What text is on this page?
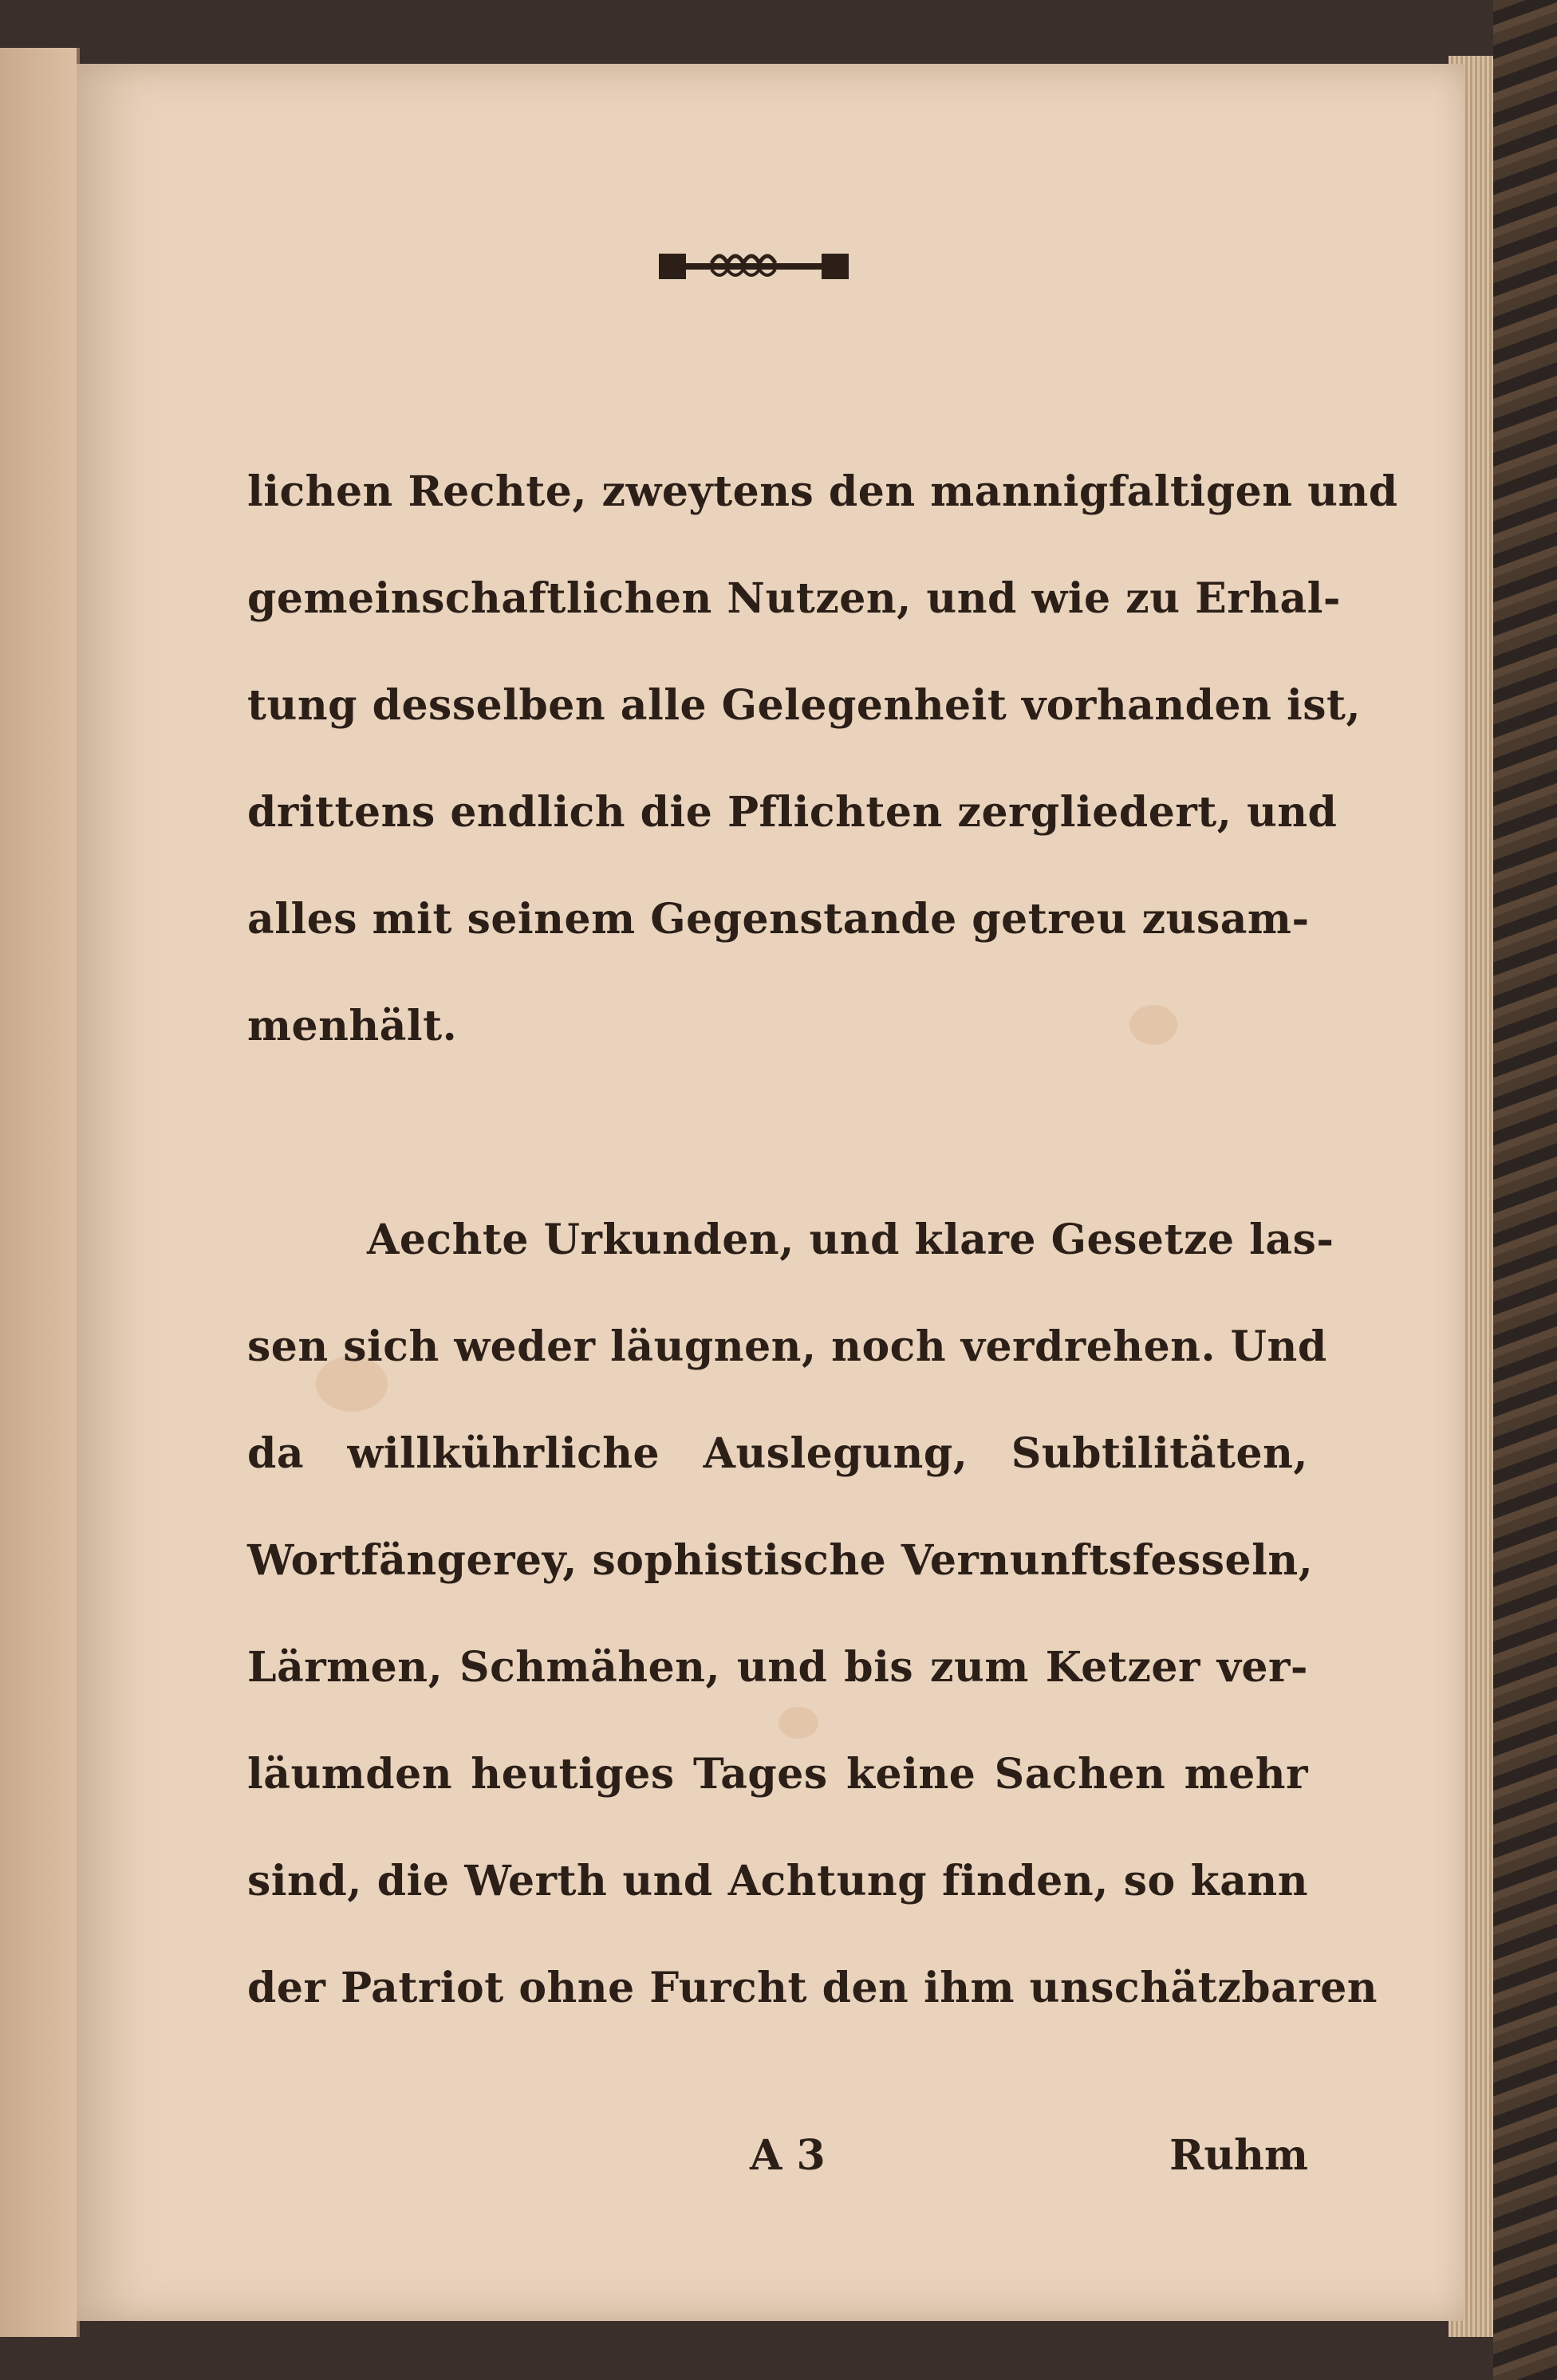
lichen Rechte, zweytens den mannigfaltigen und
gemeinschaftlichen Nutzen, und wie zu Erhal-
tung desselben alle Gelegenheit vorhanden ist,
drittens endlich die Pflichten zergliedert, und
alles mit seinem Gegenstande getreu zusam-
menhält.
Aechte Urkunden, und klare Gesetze las-
sen sich weder läugnen, noch verdrehen. Und
da willkührliche Auslegung, Subtilitäten,
Wortfängerey, sophistische Vernunftsfesseln,
Lärmen, Schmähen, und bis zum Ketzer ver-
läumden heutiges Tages keine Sachen mehr
sind, die Werth und Achtung finden, so kann
der Patriot ohne Furcht den ihm unschätzbaren
A 3	Ruhm
